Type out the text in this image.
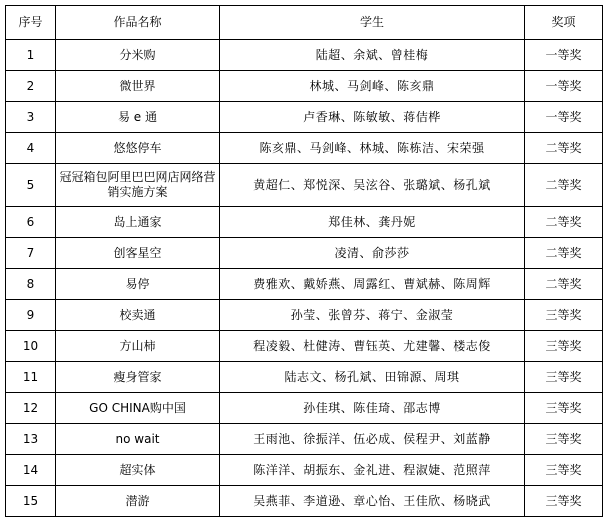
序号	作品名称	学生	奖项
1	分米购	陆超、余斌、曾桂梅	一等奖
2	微世界	林城、马剑峰、陈亥鼎	一等奖
3	易 e 通	卢香琳、陈敏敏、蒋佶桦	一等奖
4	悠悠停车	陈亥鼎、马剑峰、林城、陈栋洁、宋荣强	二等奖
5	冠冠箱包阿里巴巴网店网络营销实施方案	黄超仁、郑悦深、吴泫谷、张璐斌、杨孔斌	二等奖
6	岛上通家	郑佳林、龚丹妮	二等奖
7	创客星空	凌清、俞莎莎	二等奖
8	易停	费雅欢、戴娇燕、周露红、曹斌赫、陈周辉	二等奖
9	校卖通	孙莹、张曾芬、蒋宁、金淑莹	三等奖
10	方山柿	程凌毅、杜健涛、曹钰英、尤建馨、楼志俊	三等奖
11	瘦身管家	陆志文、杨孔斌、田锦源、周琪	三等奖
12	GO CHINA购中国	孙佳琪、陈佳琦、邵志博	三等奖
13	no wait	王雨池、徐振洋、伍必成、侯程尹、刘蓝静	三等奖
14	超实体	陈洋洋、胡振东、金礼进、程淑婕、范照萍	三等奖
15	潜游	吴燕菲、李道逊、章心怡、王佳欣、杨晓武	三等奖
